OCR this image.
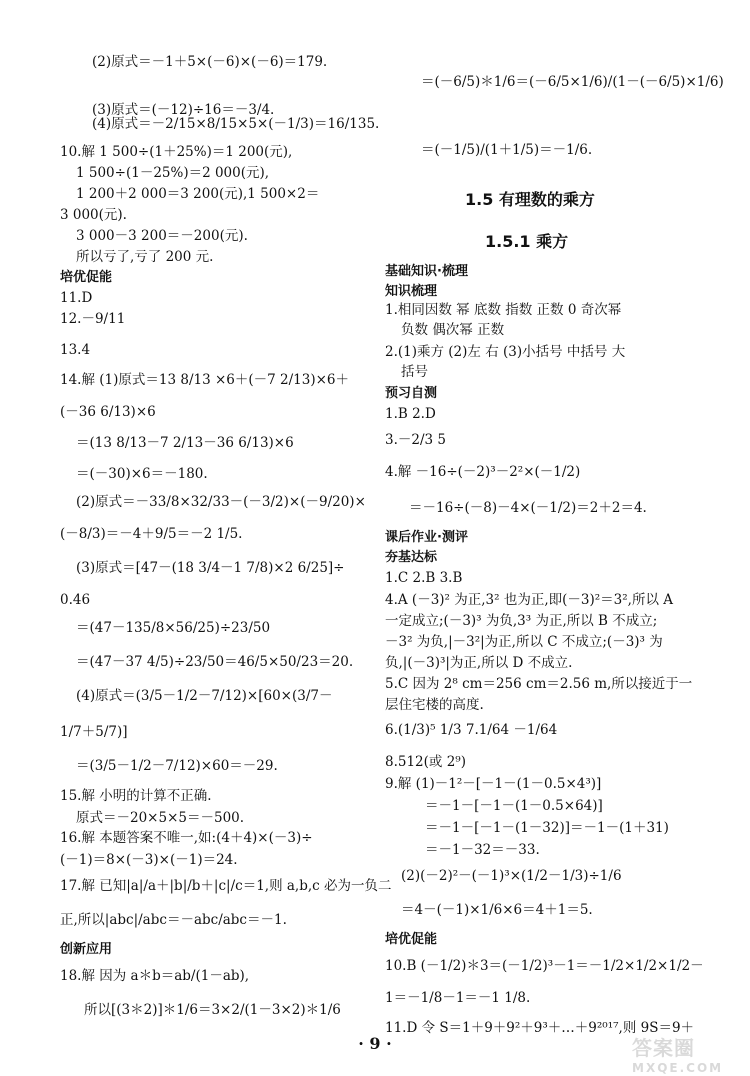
(2)原式＝－1＋5×(－6)×(－6)＝179.
(3)原式＝(－12)÷16＝－3/4.
(4)原式＝－2/15×8/15×5×(－1/3)＝16/135.
10.解 1 500÷(1＋25%)＝1 200(元),
1 500÷(1－25%)＝2 000(元),
1 200＋2 000＝3 200(元),1 500×2＝
3 000(元).
3 000－3 200＝－200(元).
所以亏了,亏了 200 元.
培优促能
11.D
12.－9/11
13.4
14.解 (1)原式＝13 8/13 ×6＋(－7 2/13)×6＋
(－36 6/13)×6
＝(13 8/13－7 2/13－36 6/13)×6
＝(－30)×6＝－180.
(2)原式＝－33/8×32/33－(－3/2)×(－9/20)×
(－8/3)＝－4＋9/5＝－2 1/5.
(3)原式＝[47－(18 3/4－1 7/8)×2 6/25]÷
0.46
＝(47－135/8×56/25)÷23/50
＝(47－37 4/5)÷23/50＝46/5×50/23＝20.
(4)原式＝(3/5－1/2－7/12)×[60×(3/7－
1/7＋5/7)]
＝(3/5－1/2－7/12)×60＝－29.
15.解 小明的计算不正确.
原式＝－20×5×5＝－500.
16.解 本题答案不唯一,如:(4＋4)×(－3)÷
(－1)＝8×(－3)×(－1)＝24.
17.解 已知|a|/a＋|b|/b＋|c|/c＝1,则 a,b,c 必为一负二
正,所以|abc|/abc＝－abc/abc＝－1.
创新应用
18.解 因为 a＊b＝ab/(1－ab),
所以[(3＊2)]＊1/6＝3×2/(1－3×2)＊1/6
＝(－6/5)＊1/6＝(－6/5×1/6)/(1－(－6/5)×1/6)
＝(－1/5)/(1＋1/5)＝－1/6.
1.5 有理数的乘方
1.5.1 乘方
基础知识·梳理
知识梳理
1.相同因数 幂 底数 指数 正数 0 奇次幂
负数 偶次幂 正数
2.(1)乘方 (2)左 右 (3)小括号 中括号 大
括号
预习自测
1.B 2.D
3.－2/3 5
4.解 －16÷(－2)³－2²×(－1/2)
＝－16÷(－8)－4×(－1/2)＝2＋2＝4.
课后作业·测评
夯基达标
1.C 2.B 3.B
4.A (－3)² 为正,3² 也为正,即(－3)²＝3²,所以 A
一定成立;(－3)³ 为负,3³ 为正,所以 B 不成立;
－3² 为负,|－3²|为正,所以 C 不成立;(－3)³ 为
负,|(－3)³|为正,所以 D 不成立.
5.C 因为 2⁸ cm＝256 cm＝2.56 m,所以接近于一
层住宅楼的高度.
6.(1/3)⁵ 1/3 7.1/64 －1/64
8.512(或 2⁹)
9.解 (1)－1²－[－1－(1－0.5×4³)]
＝－1－[－1－(1－0.5×64)]
＝－1－[－1－(1－32)]＝－1－(1＋31)
＝－1－32＝－33.
(2)(－2)²－(－1)³×(1/2－1/3)÷1/6
＝4－(－1)×1/6×6＝4＋1＝5.
培优促能
10.B (－1/2)＊3＝(－1/2)³－1＝－1/2×1/2×1/2－
1＝－1/8－1＝－1 1/8.
11.D 令 S＝1＋9＋9²＋9³＋…＋9²⁰¹⁷,则 9S＝9＋
· 9 ·	答案圈
MXQE.COM
